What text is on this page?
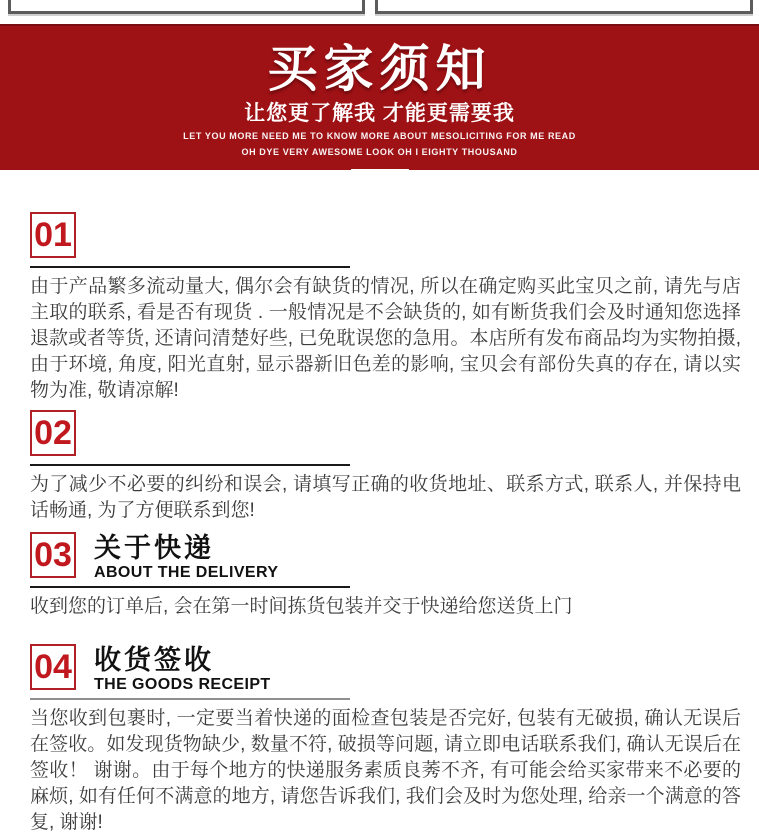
买家须知
让您更了解我 才能更需要我
LET YOU MORE NEED ME TO KNOW MORE ABOUT MESOLICITING FOR ME READ
OH DYE VERY AWESOME LOOK OH I EIGHTY THOUSAND
01
由于产品繁多流动量大, 偶尔会有缺货的情况, 所以在确定购买此宝贝之前, 请先与店主取的联系, 看是否有现货 . 一般情况是不会缺货的, 如有断货我们会及时通知您选择退款或者等货, 还请问清楚好些, 已免耽误您的急用。本店所有发布商品均为实物拍摄, 由于环境, 角度, 阳光直射, 显示器新旧色差的影响, 宝贝会有部份失真的存在, 请以实物为准, 敬请凉解!
02
为了减少不必要的纠纷和误会, 请填写正确的收货地址、联系方式, 联系人, 并保持电话畅通, 为了方便联系到您!
03 关于快递
ABOUT THE DELIVERY
收到您的订单后, 会在第一时间拣货包装并交于快递给您送货上门
04 收货签收
THE GOODS RECEIPT
当您收到包裹时, 一定要当着快递的面检查包装是否完好, 包装有无破损, 确认无误后在签收。如发现货物缺少, 数量不符, 破损等问题, 请立即电话联系我们, 确认无误后在签收！ 谢谢。由于每个地方的快递服务素质良莠不齐, 有可能会给买家带来不必要的麻烦, 如有任何不满意的地方, 请您告诉我们, 我们会及时为您处理, 给亲一个满意的答复, 谢谢!
